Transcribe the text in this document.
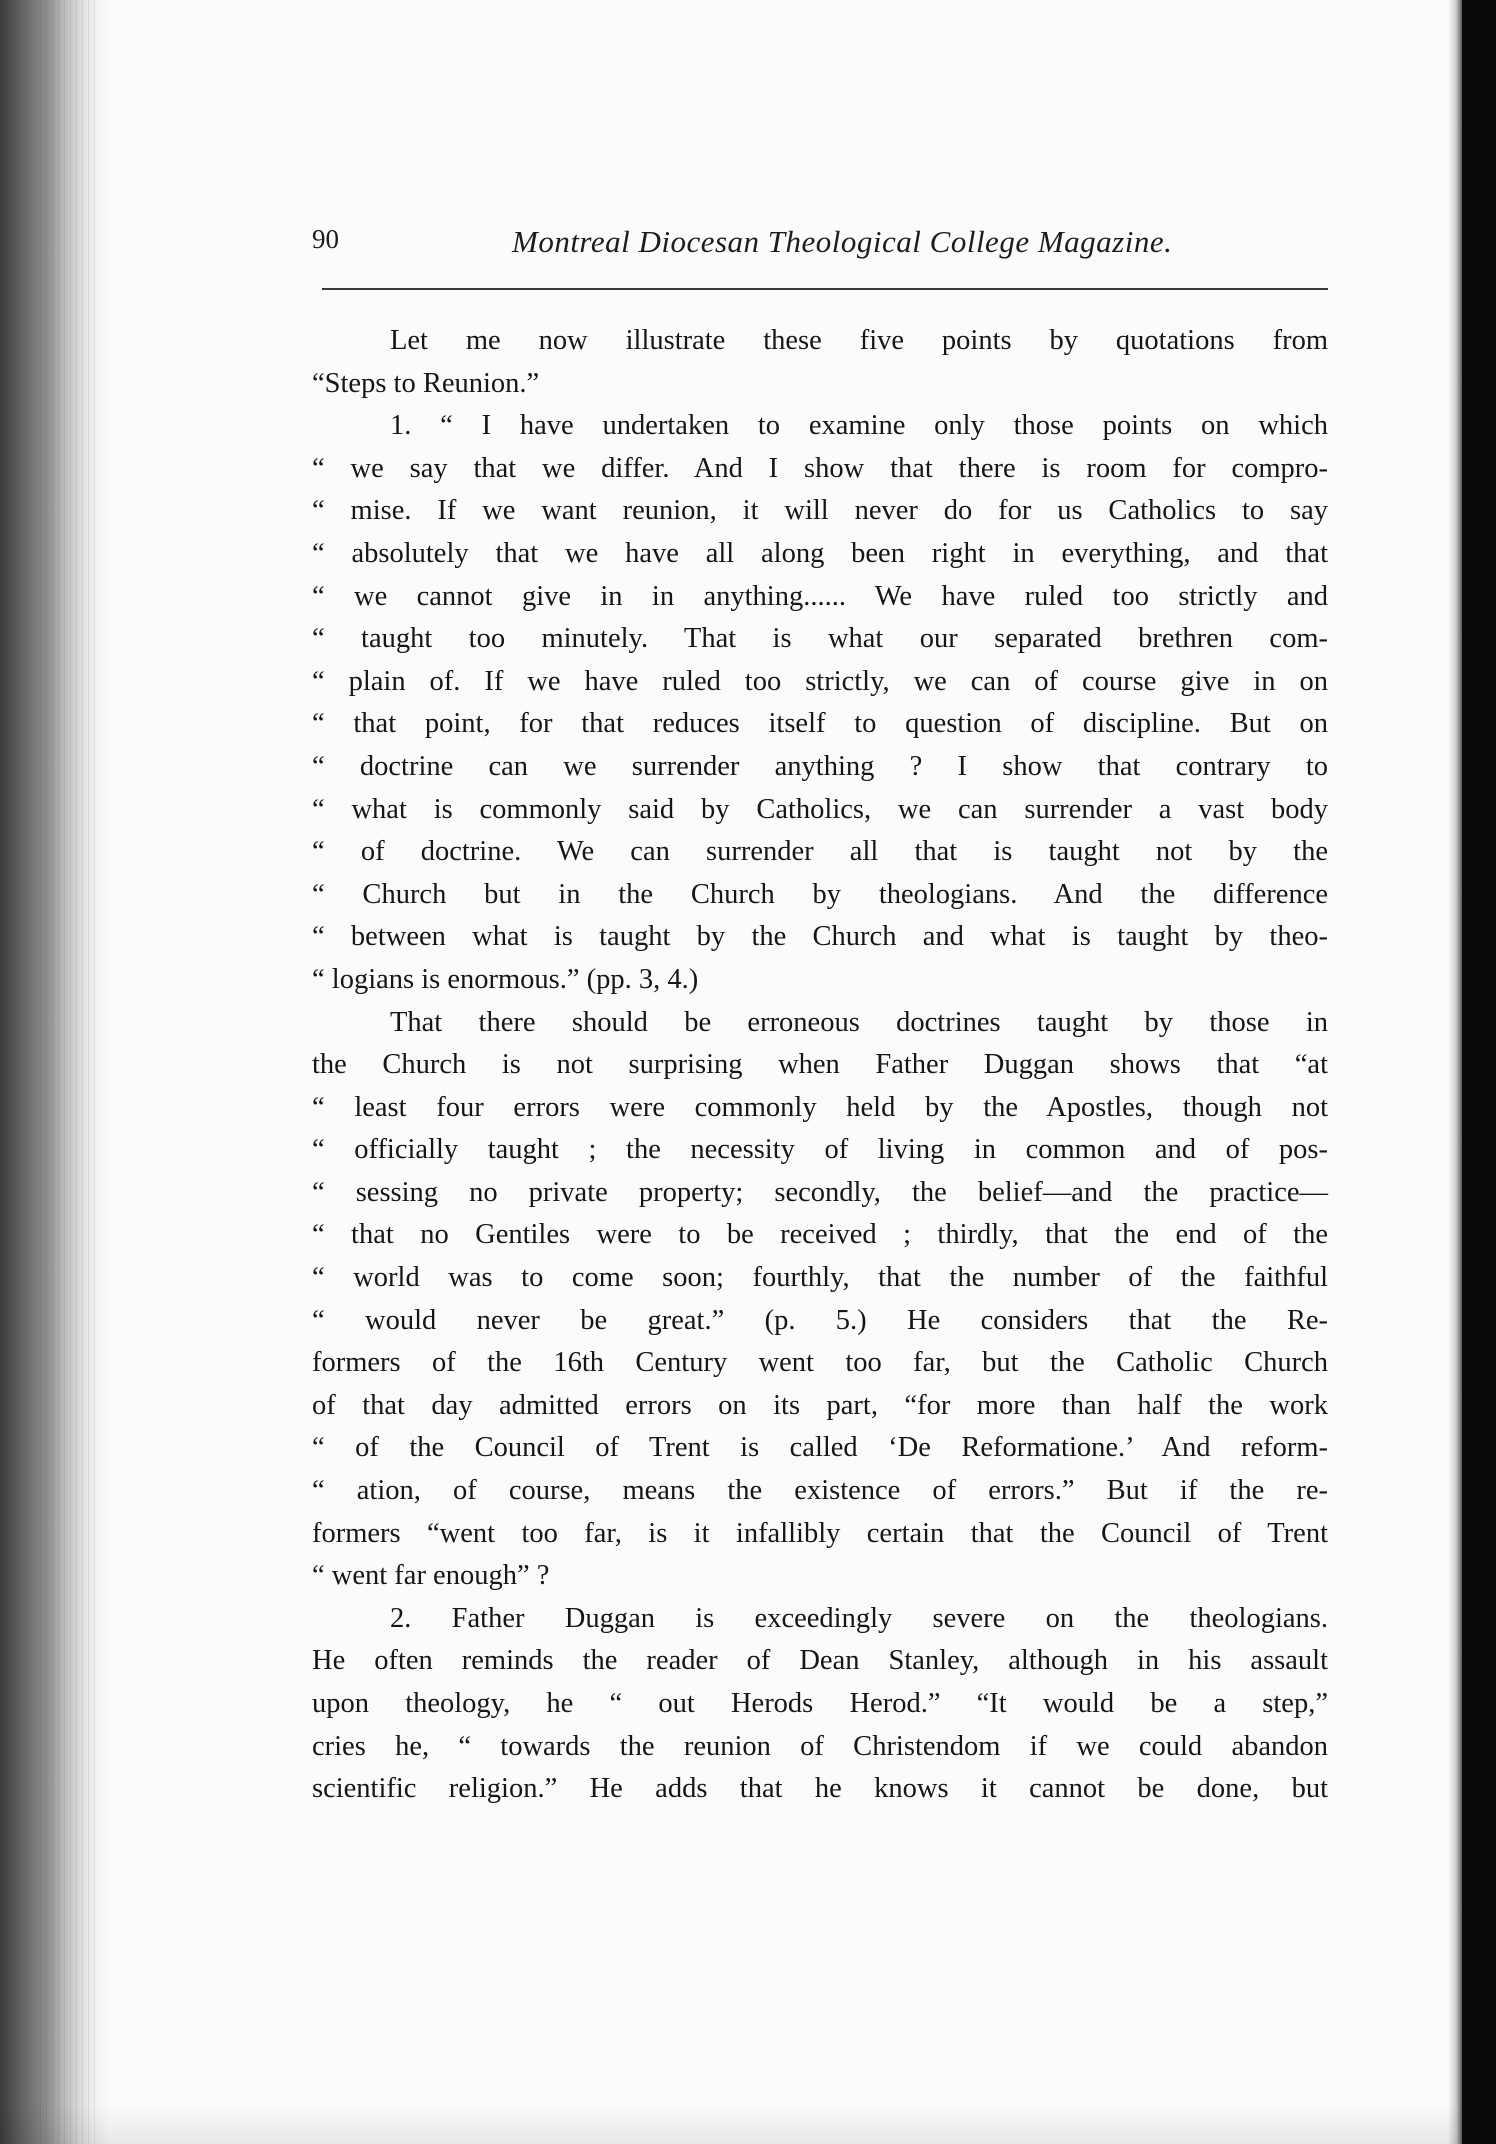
90	Montreal Diocesan Theological College Magazine.
Let me now illustrate these five points by quotations from
“Steps to Reunion.”
1. “ I have undertaken to examine only those points on which
“ we say that we differ. And I show that there is room for compro-
“ mise. If we want reunion, it will never do for us Catholics to say
“ absolutely that we have all along been right in everything, and that
“ we cannot give in in anything...... We have ruled too strictly and
“ taught too minutely. That is what our separated brethren com-
“ plain of. If we have ruled too strictly, we can of course give in on
“ that point, for that reduces itself to question of discipline. But on
“ doctrine can we surrender anything ? I show that contrary to
“ what is commonly said by Catholics, we can surrender a vast body
“ of doctrine. We can surrender all that is taught not by the
“ Church but in the Church by theologians. And the difference
“ between what is taught by the Church and what is taught by theo-
“ logians is enormous.” (pp. 3, 4.)
That there should be erroneous doctrines taught by those in
the Church is not surprising when Father Duggan shows that “at
“ least four errors were commonly held by the Apostles, though not
“ officially taught ; the necessity of living in common and of pos-
“ sessing no private property; secondly, the belief—and the practice—
“ that no Gentiles were to be received ; thirdly, that the end of the
“ world was to come soon; fourthly, that the number of the faithful
“ would never be great.” (p. 5.) He considers that the Re-
formers of the 16th Century went too far, but the Catholic Church
of that day admitted errors on its part, “for more than half the work
“ of the Council of Trent is called ‘De Reformatione.’ And reform-
“ ation, of course, means the existence of errors.” But if the re-
formers “went too far, is it infallibly certain that the Council of Trent
“ went far enough” ?
2. Father Duggan is exceedingly severe on the theologians.
He often reminds the reader of Dean Stanley, although in his assault
upon theology, he “ out Herods Herod.” “It would be a step,”
cries he, “ towards the reunion of Christendom if we could abandon
scientific religion.” He adds that he knows it cannot be done, but
